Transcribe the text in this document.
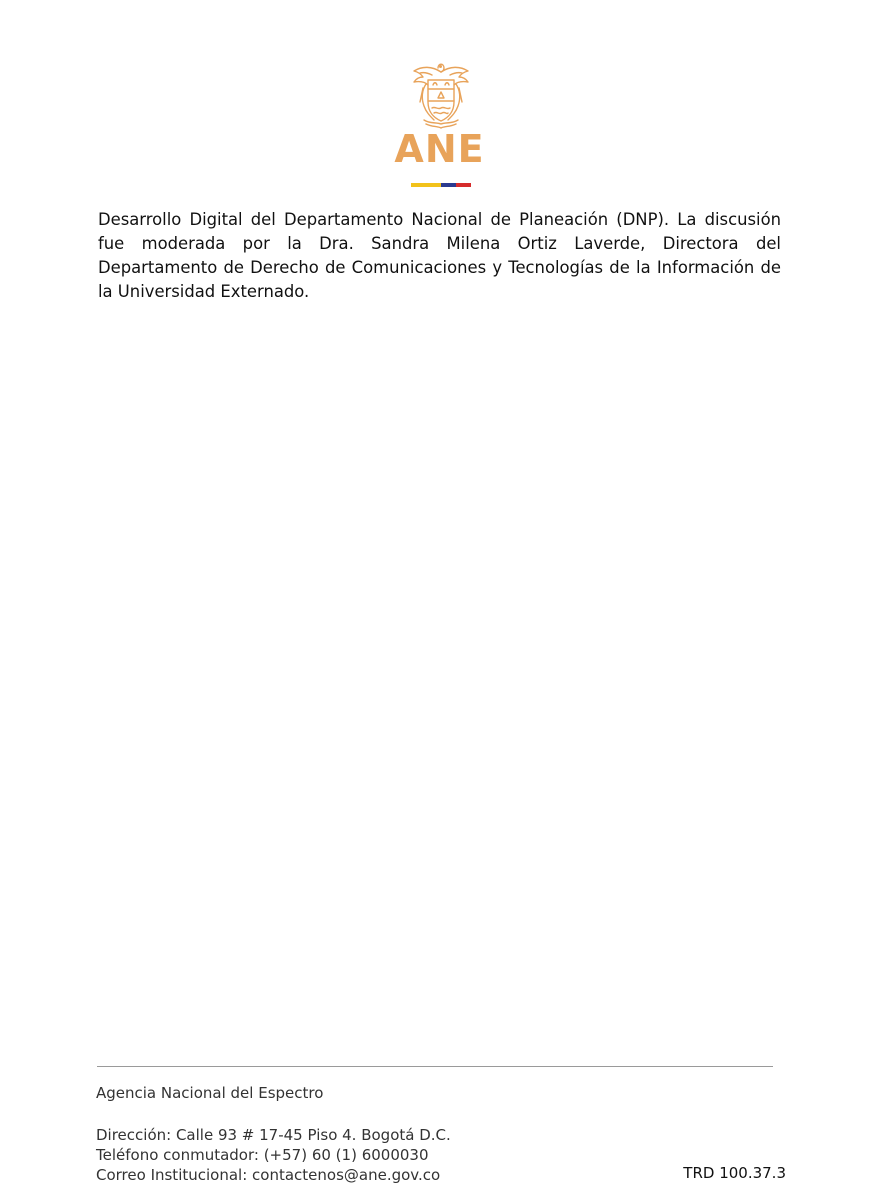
ANE

Desarrollo Digital del Departamento Nacional de Planeación (DNP). La discusión fue moderada por la Dra. Sandra Milena Ortiz Laverde, Directora del Departamento de Derecho de Comunicaciones y Tecnologías de la Información de la Universidad Externado.

Agencia Nacional del Espectro

Dirección: Calle 93 # 17-45 Piso 4. Bogotá D.C.

Teléfono conmutador: (+57) 60 (1) 6000030

Correo Institucional: contactenos@ane.gov.co	TRD 100.37.3
